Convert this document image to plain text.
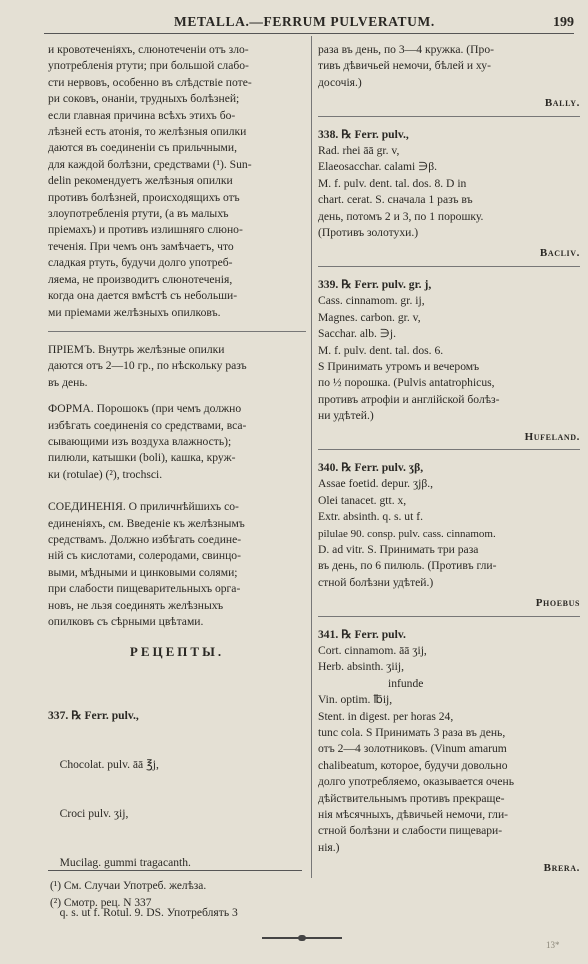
METALLA.—FERRUM PULVERATUM.	199
и кровотеченіяхъ, слюнотеченіи отъ зло-
употребленія ртути; при большой слабо-
сти нервовъ, особенно въ слѣдствіе поте-
ри соковъ, онаніи, трудныхъ болѣзней;
если главная причина всѣхъ этихъ бо-
лѣзней есть атонія, то желѣзныя опилки
даются въ соединеніи съ прильчными,
для каждой болѣзни, средствами (¹). Sun-
delin рекомендуетъ желѣзныя опилки
противъ болѣзней, происходящихъ отъ
злоупотребленія ртути, (а въ малыхъ
пріемахъ) и противъ излишняго слюно-
теченія. При чемъ онъ замѣчаетъ, что
сладкая ртуть, будучи долго употреб-
ляема, не производитъ слюнотеченія,
когда она дается вмѣстѣ съ небольши-
ми пріемами желѣзныхъ опилковъ.
ПРІЕМЪ. Внутрь желѣзные опилки
даются отъ 2—10 гр., по нѣскольку разъ
въ день.
ФОРМА. Порошокъ (при чемъ должно
избѣгать соединенія со средствами, вса-
сывающими изъ воздуха влажность);
пилюли, катышки (boli), кашка, круж-
ки (rotulae) (²), trochsci.
СОЕДИНЕНІЯ. О приличнѣйшихъ со-
единеніяхъ, см. Введеніе къ желѣзнымъ
средствамъ. Должно избѣгать соедине-
ній съ кислотами, солеродами, свинцо-
выми, мѣдными и цинковыми солями;
при слабости пищеварительныхъ орга-
новъ, не льзя соединять желѣзныхъ
опилковъ съ сѣрными цвѣтами.
РЕЦЕПТЫ.

337. ℞ Ferr. pulv.,

Chocolat. pulv. āā ℥j,

Croci pulv. ʒij,

Mucilag. gummi tragacanth.

q. s. ut f. Rotul. 9. DS. Употреблять 3

раза въ день, по 3—4 кружка. (Про-
тивъ дѣвичьей немочи, бѣлей и ху-
досочія.)
Bally.
338. ℞ Ferr. pulv.,
Rad. rhei āā gr. v,
Elaeosacchar. calami ∋β.
M. f. pulv. dent. tal. dos. 8. D in
chart. cerat. S. сначала 1 разъ въ
день, потомъ 2 и 3, по 1 порошку.
(Противъ золотухи.)
Bacliv.
339. ℞ Ferr. pulv. gr. j,
Cass. cinnamom. gr. ij,
Magnes. carbon. gr. v,
Sacchar. alb. ∋j.
M. f. pulv. dent. tal. dos. 6.
S Принимать утромъ и вечеромъ
по ½ порошка. (Pulvis antatrophicus,
противъ атрофіи и англійской болѣз-
ни удѣтей.)
Hufeland.
340. ℞ Ferr. pulv. ʒβ,
Assae foetid. depur. ʒjβ.,
Olei tanacet. gtt. x,
Extr. absinth. q. s. ut f.
pilulae 90. consp. pulv. cass. cinnamom.
D. ad vitr. S. Принимать три раза
въ день, по 6 пилюль. (Противъ гли-
стной болѣзни удѣтей.)
Phoebus
341. ℞ Ferr. pulv.
Cort. cinnamom. āā ʒij,
Herb. absinth. ʒiij,
infunde
Vin. optim. ℔ij,
Stent. in digest. per horas 24,
tunc cola. S Принимать 3 раза въ день,
отъ 2—4 золотниковъ. (Vinum amarum
chalibeatum, которое, будучи довольно
долго употребляемо, оказывается очень
дѣйствительнымъ противъ прекраще-
нія мѣсячныхъ, дѣвичьей немочи, гли-
стной болѣзни и слабости пищевари-
нія.)
Brera.
(¹) См. Случаи Употреб. желѣза.
(²) Смотр. рец. N 337
13*
